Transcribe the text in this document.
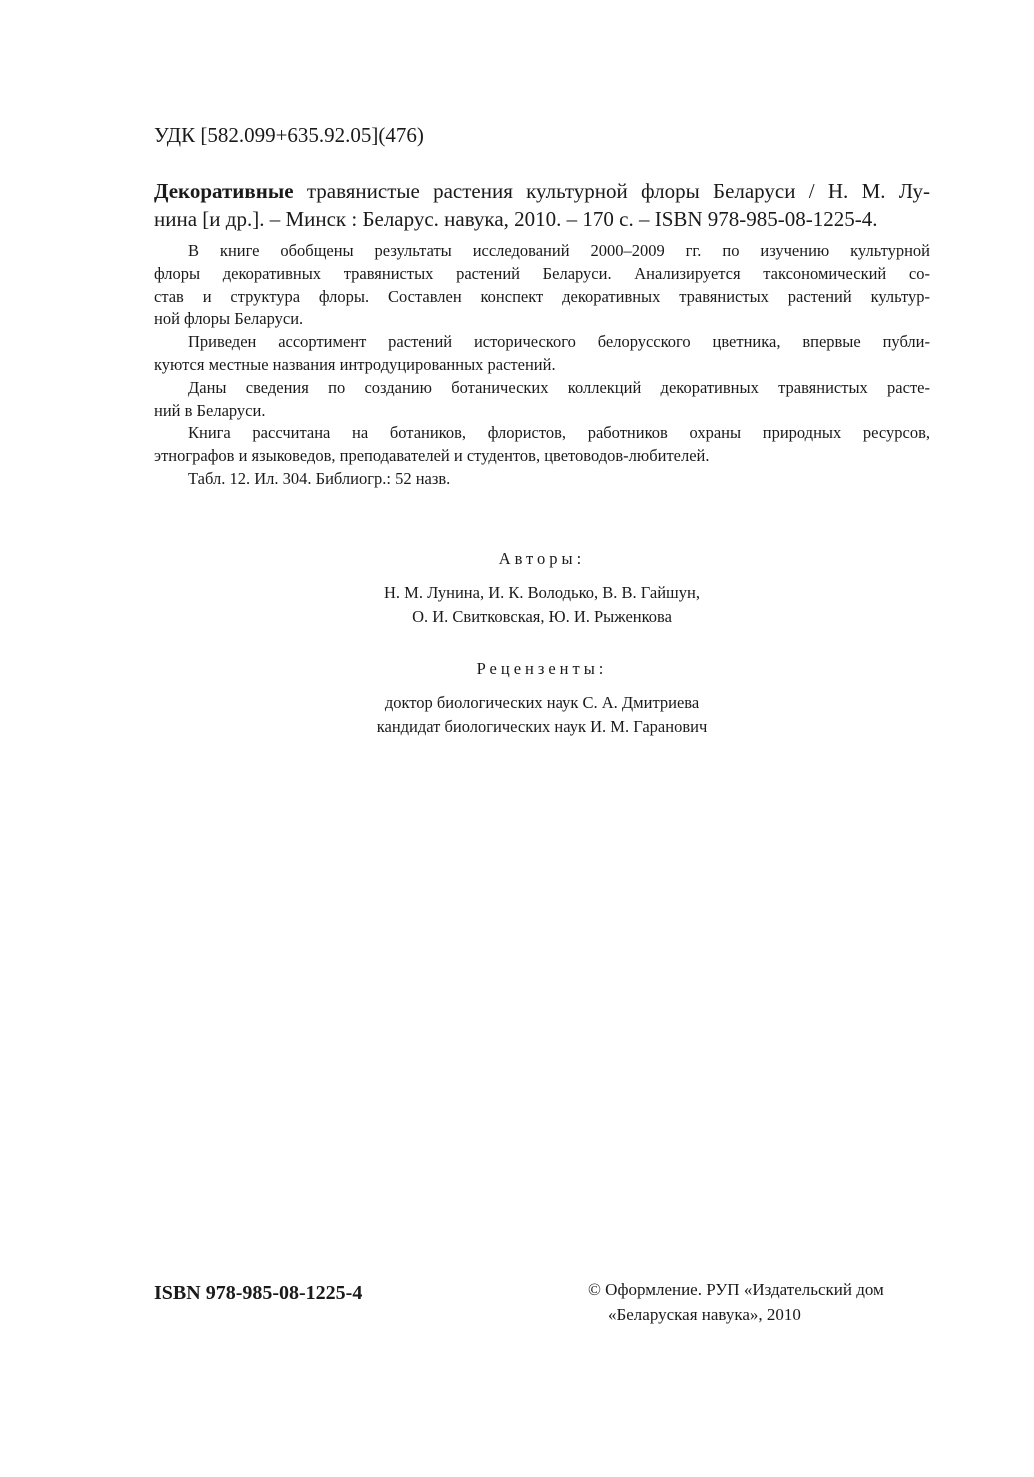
УДК [582.099+635.92.05](476)
Декоративные травянистые растения культурной флоры Беларуси / Н. М. Лу-
нина [и др.]. – Минск : Беларус. навука, 2010. – 170 с. – ISBN 978-985-08-1225-4.
В книге обобщены результаты исследований 2000–2009 гг. по изучению культурной
флоры декоративных травянистых растений Беларуси. Анализируется таксономический со-
став и структура флоры. Составлен конспект декоративных травянистых растений культур-
ной флоры Беларуси.
Приведен ассортимент растений исторического белорусского цветника, впервые публи-
куются местные названия интродуцированных растений.
Даны сведения по созданию ботанических коллекций декоративных травянистых расте-
ний в Беларуси.
Книга рассчитана на ботаников, флористов, работников охраны природных ресурсов,
этнографов и языковедов, преподавателей и студентов, цветоводов-любителей.
Табл. 12. Ил. 304. Библиогр.: 52 назв.
Авторы:
Н. М. Лунина, И. К. Володько, В. В. Гайшун,
О. И. Свитковская, Ю. И. Рыженкова
Рецензенты:
доктор биологических наук С. А. Дмитриева
кандидат биологических наук И. М. Гаранович
ISBN 978-985-08-1225-4	© Оформление. РУП «Издательский дом
«Беларуская навука», 2010
